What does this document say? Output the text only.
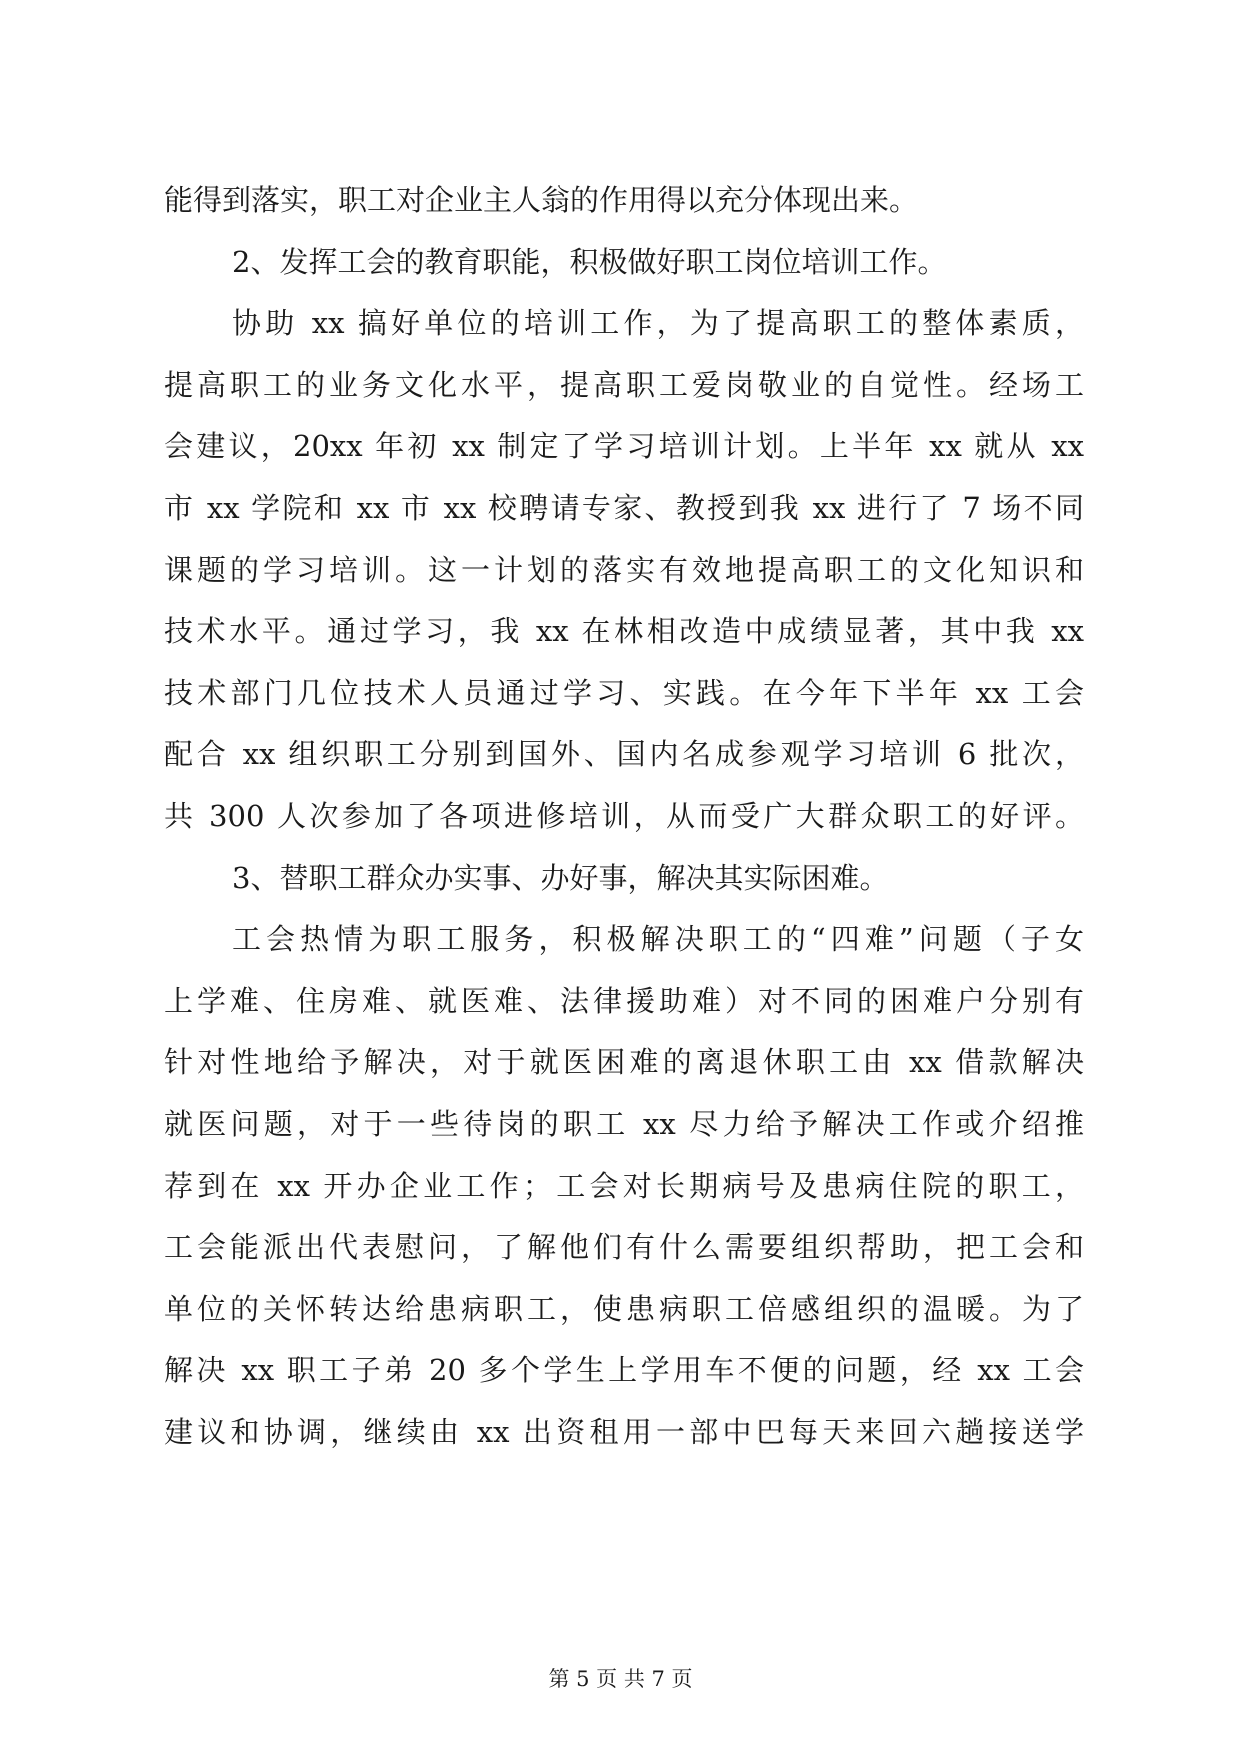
能得到落实，职工对企业主人翁的作用得以充分体现出来。
2、发挥工会的教育职能，积极做好职工岗位培训工作。
协助 xx 搞好单位的培训工作，为了提高职工的整体素质，
提高职工的业务文化水平，提高职工爱岗敬业的自觉性。经场工
会建议，20xx 年初 xx 制定了学习培训计划。上半年 xx 就从 xx
市 xx 学院和 xx 市 xx 校聘请专家、教授到我 xx 进行了 7 场不同
课题的学习培训。这一计划的落实有效地提高职工的文化知识和
技术水平。通过学习，我 xx 在林相改造中成绩显著，其中我 xx
技术部门几位技术人员通过学习、实践。在今年下半年 xx 工会
配合 xx 组织职工分别到国外、国内名成参观学习培训 6 批次，
共 300 人次参加了各项进修培训，从而受广大群众职工的好评。
3、替职工群众办实事、办好事，解决其实际困难。
工会热情为职工服务，积极解决职工的“四难”问题（子女
上学难、住房难、就医难、法律援助难）对不同的困难户分别有
针对性地给予解决，对于就医困难的离退休职工由 xx 借款解决
就医问题，对于一些待岗的职工 xx 尽力给予解决工作或介绍推
荐到在 xx 开办企业工作；工会对长期病号及患病住院的职工，
工会能派出代表慰问，了解他们有什么需要组织帮助，把工会和
单位的关怀转达给患病职工，使患病职工倍感组织的温暖。为了
解决 xx 职工子弟 20 多个学生上学用车不便的问题，经 xx 工会
建议和协调，继续由 xx 出资租用一部中巴每天来回六趟接送学
第 5 页 共 7 页
